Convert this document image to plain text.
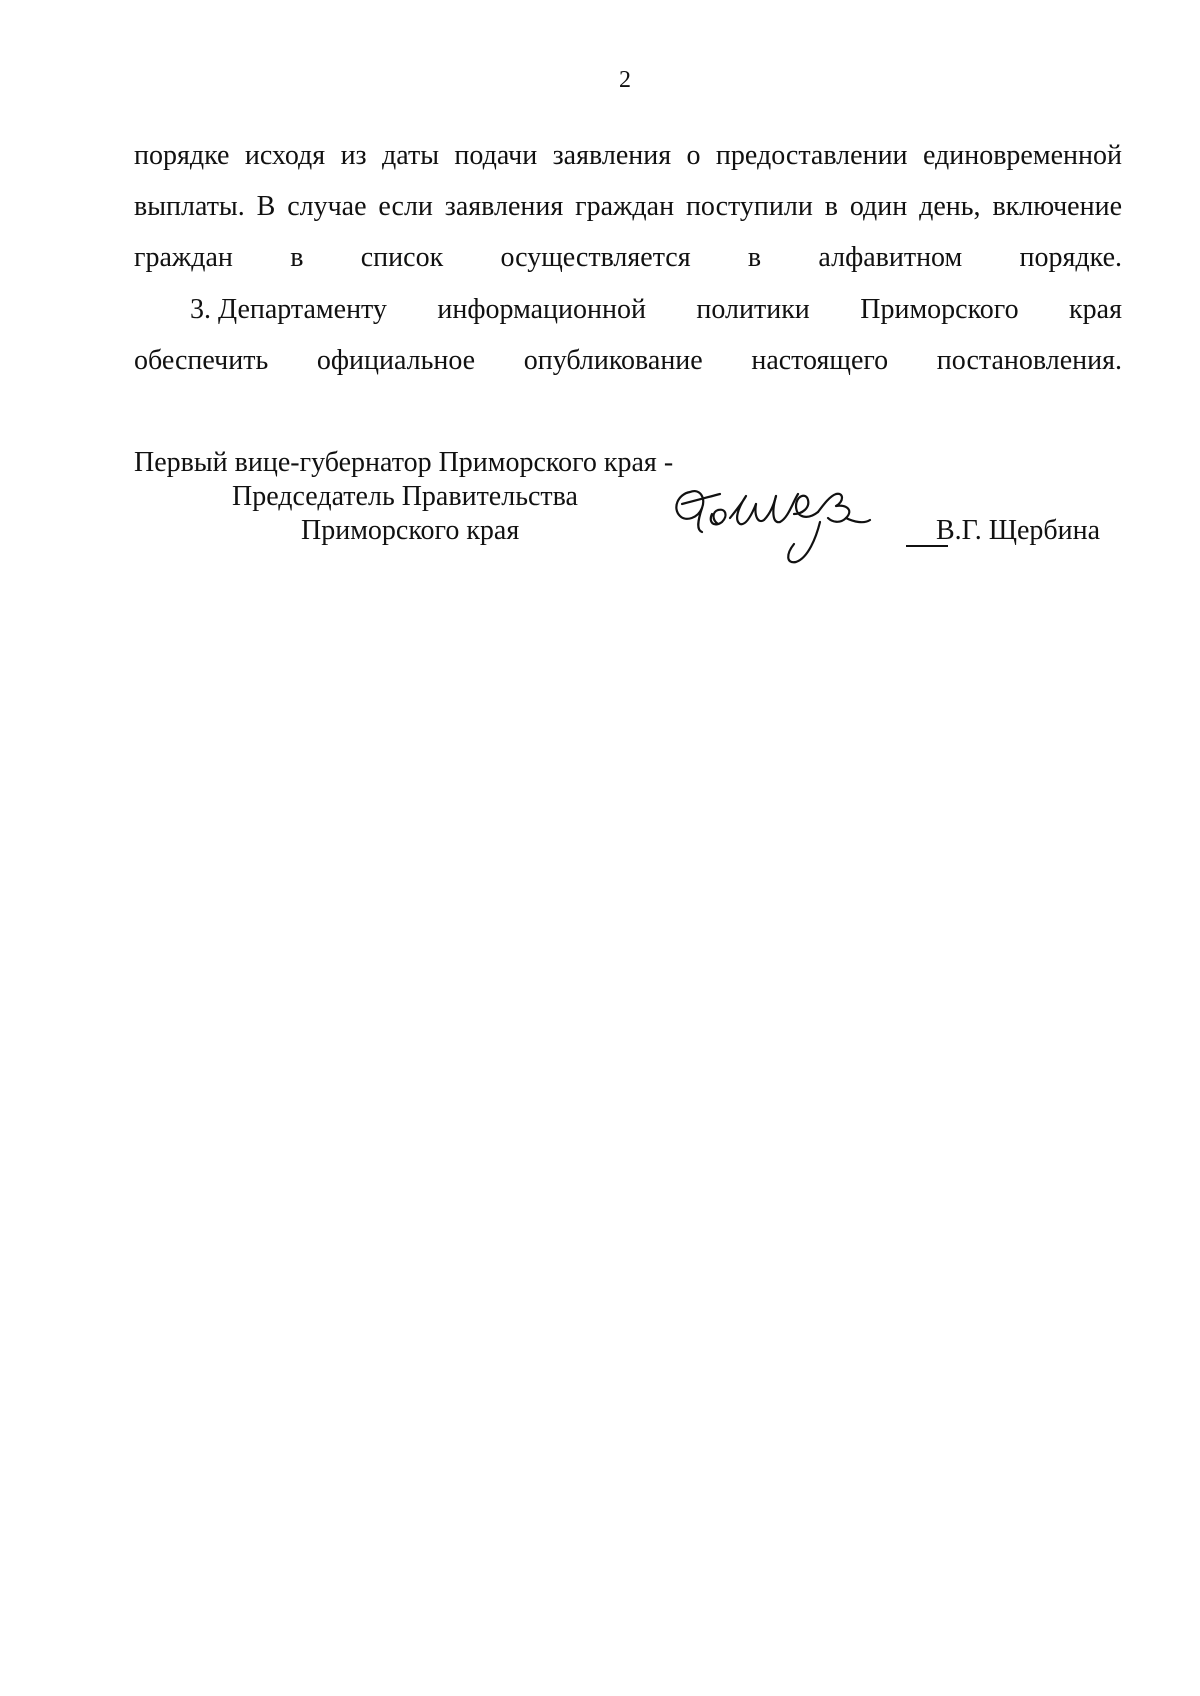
2
порядке исходя из даты подачи заявления о предоставлении единовременной
выплаты. В случае если заявления граждан поступили в один день, включение
граждан в список осуществляется в алфавитном порядке.
3. Департаменту информационной политики Приморского края
обеспечить официальное опубликование настоящего постановления.
Первый вице-губернатор Приморского края -
Председатель Правительства
Приморского края	В.Г. Щербина
